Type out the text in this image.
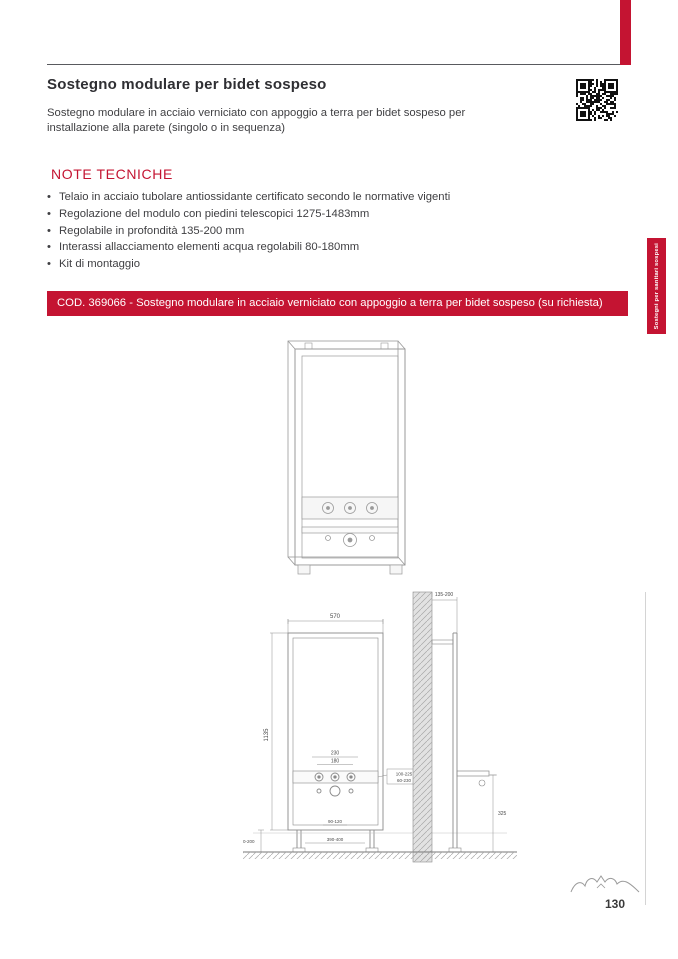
Sostegno modulare per bidet sospeso

Sostegno modulare in acciaio verniciato con appoggio a terra per bidet sospeso per installazione alla parete (singolo o in sequenza)

NOTE TECNICHE
• Telaio in acciaio tubolare antiossidante certificato secondo le normative vigenti
• Regolazione del modulo con piedini telescopici 1275-1483mm
• Regolabile in profondità 135-200 mm
• Interassi allacciamento elementi acqua regolabili 80-180mm
• Kit di montaggio
COD. 369066 - Sostegno modulare in acciaio verniciato con appoggio a terra per bidet sospeso (su richiesta)	Sostegni per sanitari sospesi
570
1135
230
180
100-225
60-230
90-120
390-400
0-200
135-200
325
130
